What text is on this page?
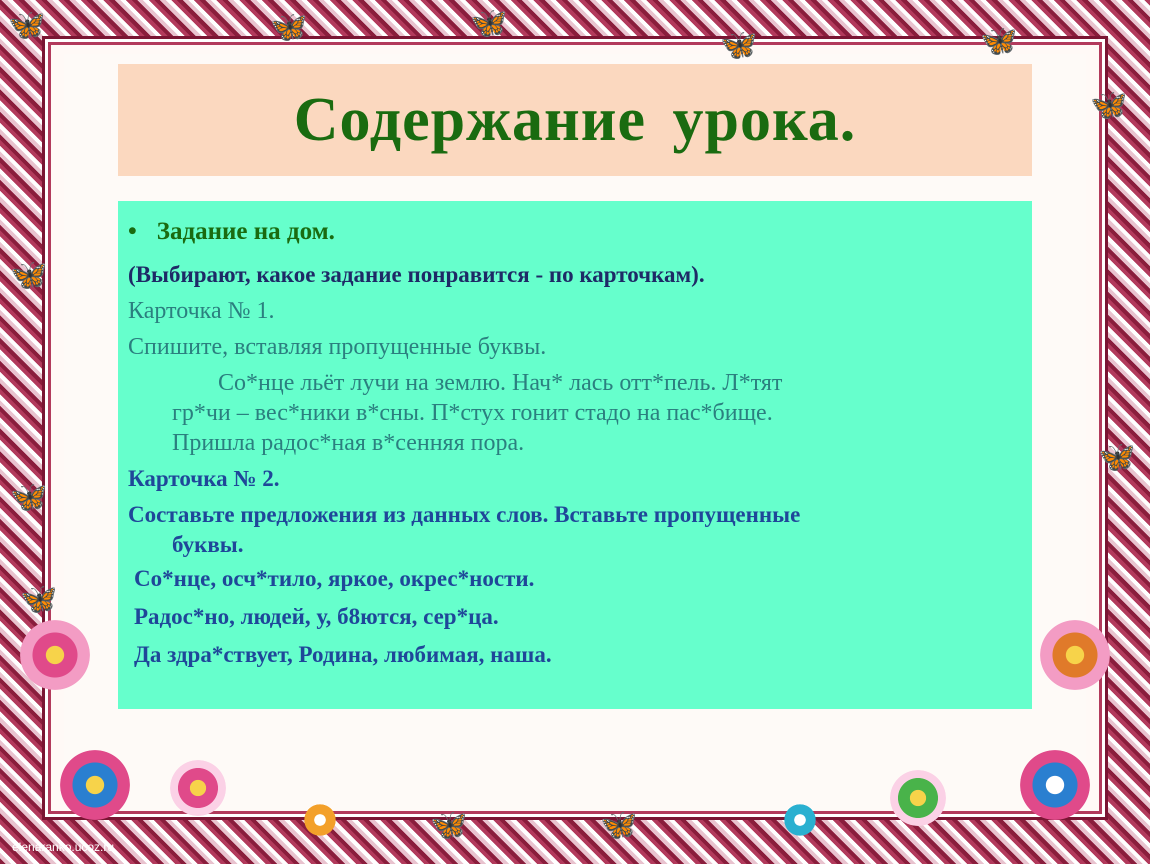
🦋	🦋	🦋
🦋	🦋
🦋
🦋
🦋
🦋
🦋
🦋	🦋
Содержание урока.
• Задание на дом.
(Выбирают, какое задание понравится - по карточкам).
Карточка № 1.
Спишите, вставляя пропущенные буквы.
Со*нце льёт лучи на землю. Нач* лась отт*пель. Л*тят
гр*чи – вес*ники в*сны. П*стух гонит стадо на пас*бище.
Пришла радос*ная в*сенняя пора.
Карточка № 2.
Составьте предложения из данных слов. Вставьте пропущенные
буквы.
Со*нце, осч*тило, яркое, окрес*ности.
Радос*но, людей, у, б8ются, сер*ца.
Да здра*ствует, Родина, любимая, наша.
elenaranko.ucoz.ru
